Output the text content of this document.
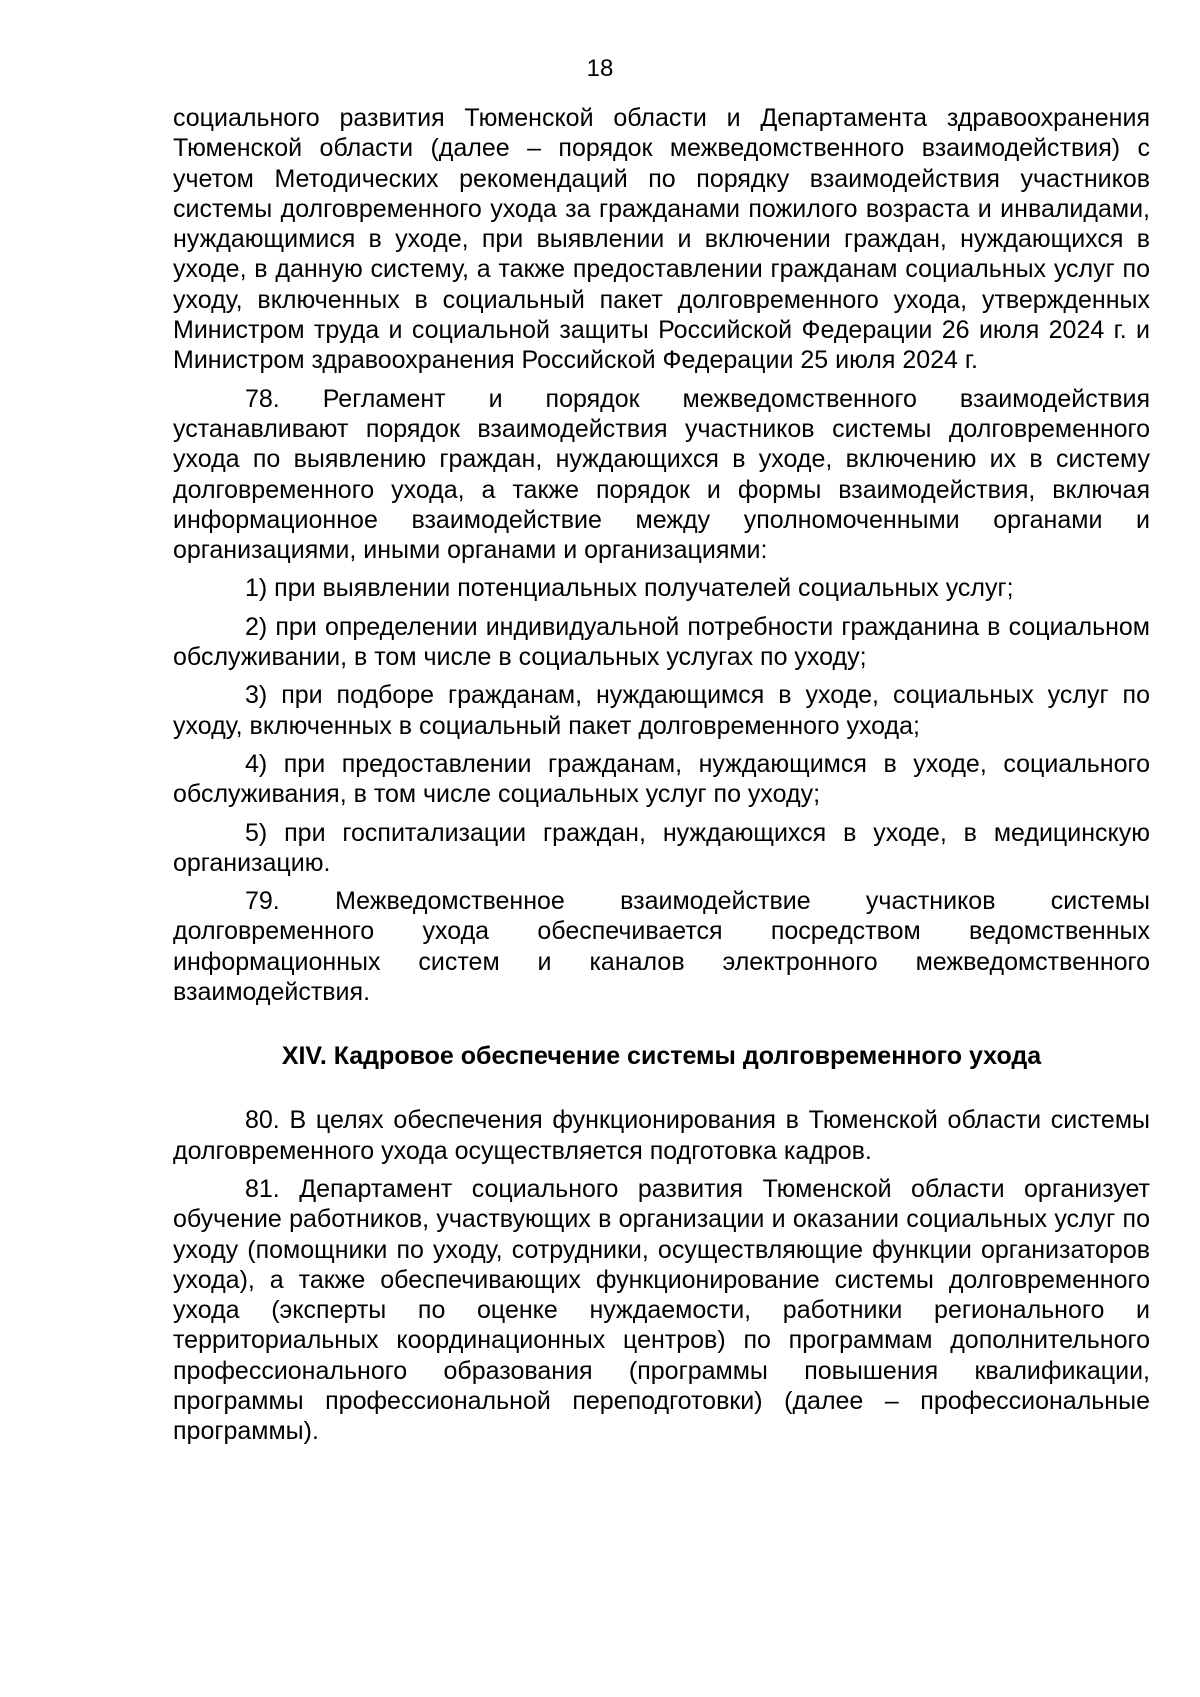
18

социального развития Тюменской области и Департамента здравоохранения Тюменской области (далее – порядок межведомственного взаимодействия) с учетом Методических рекомендаций по порядку взаимодействия участников системы долговременного ухода за гражданами пожилого возраста и инвалидами, нуждающимися в уходе, при выявлении и включении граждан, нуждающихся в уходе, в данную систему, а также предоставлении гражданам социальных услуг по уходу, включенных в социальный пакет долговременного ухода, утвержденных Министром труда и социальной защиты Российской Федерации 26 июля 2024 г. и Министром здравоохранения Российской Федерации 25 июля 2024 г.

78. Регламент и порядок межведомственного взаимодействия устанавливают порядок взаимодействия участников системы долговременного ухода по выявлению граждан, нуждающихся в уходе, включению их в систему долговременного ухода, а также порядок и формы взаимодействия, включая информационное взаимодействие между уполномоченными органами и организациями, иными органами и организациями:

1) при выявлении потенциальных получателей социальных услуг;

2) при определении индивидуальной потребности гражданина в социальном обслуживании, в том числе в социальных услугах по уходу;

3) при подборе гражданам, нуждающимся в уходе, социальных услуг по уходу, включенных в социальный пакет долговременного ухода;

4) при предоставлении гражданам, нуждающимся в уходе, социального обслуживания, в том числе социальных услуг по уходу;

5) при госпитализации граждан, нуждающихся в уходе, в медицинскую организацию.

79. Межведомственное взаимодействие участников системы долговременного ухода обеспечивается посредством ведомственных информационных систем и каналов электронного межведомственного взаимодействия.

XIV. Кадровое обеспечение системы долговременного ухода

80. В целях обеспечения функционирования в Тюменской области системы долговременного ухода осуществляется подготовка кадров.

81. Департамент социального развития Тюменской области организует обучение работников, участвующих в организации и оказании социальных услуг по уходу (помощники по уходу, сотрудники, осуществляющие функции организаторов ухода), а также обеспечивающих функционирование системы долговременного ухода (эксперты по оценке нуждаемости, работники регионального и территориальных координационных центров) по программам дополнительного профессионального образования (программы повышения квалификации, программы профессиональной переподготовки) (далее – профессиональные программы).
